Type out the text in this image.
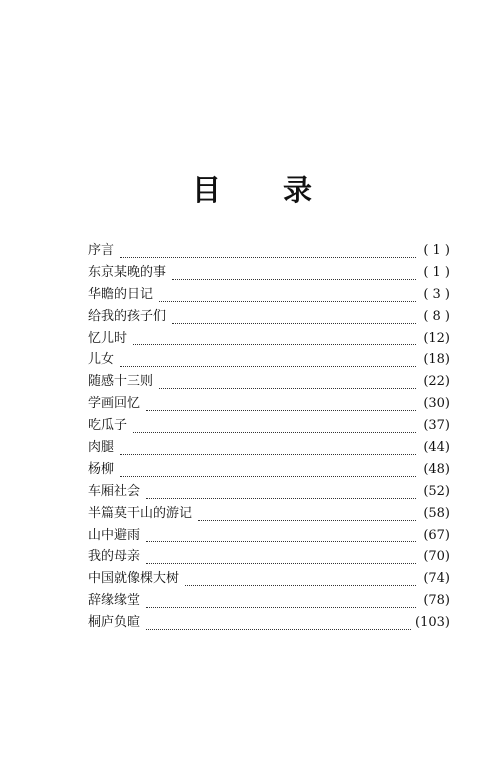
目 录
序言	( 1 )
东京某晚的事	( 1 )
华瞻的日记	( 3 )
给我的孩子们	( 8 )
忆儿时	(12)
儿女	(18)
随感十三则	(22)
学画回忆	(30)
吃瓜子	(37)
肉腿	(44)
杨柳	(48)
车厢社会	(52)
半篇莫干山的游记	(58)
山中避雨	(67)
我的母亲	(70)
中国就像棵大树	(74)
辞缘缘堂	(78)
桐庐负暄	(103)
